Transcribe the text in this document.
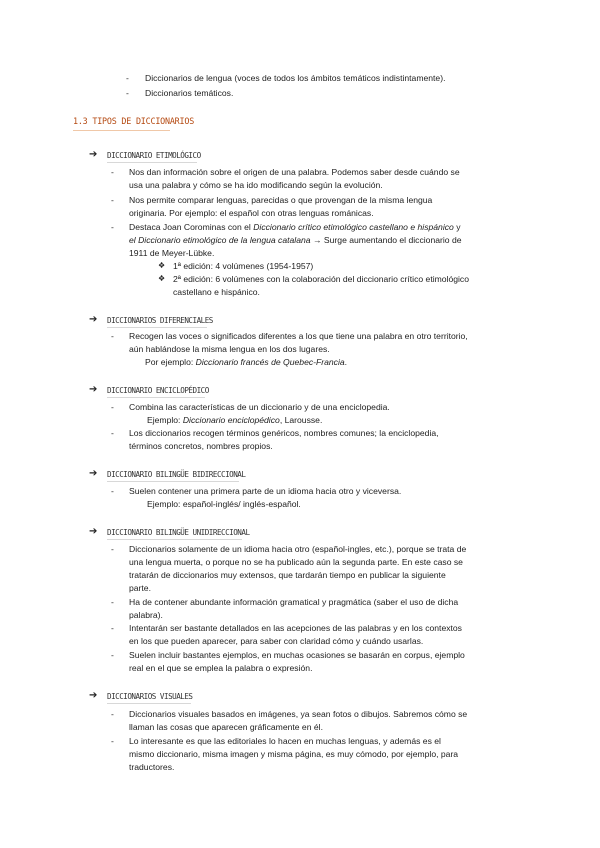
-	Diccionarios de lengua (voces de todos los ámbitos temáticos indistintamente).
-	Diccionarios temáticos.
1.3 TIPOS DE DICCIONARIOS
➔ DICCIONARIO ETIMOLÓGICO
-	Nos dan información sobre el origen de una palabra. Podemos saber desde cuándo se
usa una palabra y cómo se ha ido modificando según la evolución.
-	Nos permite comparar lenguas, parecidas o que provengan de la misma lengua
originaria. Por ejemplo: el español con otras lenguas románicas.
-	Destaca Joan Corominas con el Diccionario crítico etimológico castellano e hispánico y
el Diccionario etimológico de la lengua catalana → Surge aumentando el diccionario de
1911 de Meyer-Lübke.
❖ 1ª edición: 4 volúmenes (1954-1957)
❖ 2ª edición: 6 volúmenes con la colaboración del diccionario crítico etimológico
castellano e hispánico.
➔ DICCIONARIOS DIFERENCIALES
-	Recogen las voces o significados diferentes a los que tiene una palabra en otro territorio,
aún hablándose la misma lengua en los dos lugares.
Por ejemplo: Diccionario francés de Quebec-Francia.
➔ DICCIONARIO ENCICLOPÉDICO
-	Combina las características de un diccionario y de una enciclopedia.
Ejemplo: Diccionario enciclopédico, Larousse.
-	Los diccionarios recogen términos genéricos, nombres comunes; la enciclopedia,
términos concretos, nombres propios.
➔ DICCIONARIO BILINGÜE BIDIRECCIONAL
-	Suelen contener una primera parte de un idioma hacia otro y viceversa.
Ejemplo: español-inglés/ inglés-español.
➔ DICCIONARIO BILINGÜE UNIDIRECCIONAL
-	Diccionarios solamente de un idioma hacia otro (español-ingles, etc.), porque se trata de
una lengua muerta, o porque no se ha publicado aún la segunda parte. En este caso se
tratarán de diccionarios muy extensos, que tardarán tiempo en publicar la siguiente
parte.
-	Ha de contener abundante información gramatical y pragmática (saber el uso de dicha
palabra).
-	Intentarán ser bastante detallados en las acepciones de las palabras y en los contextos
en los que pueden aparecer, para saber con claridad cómo y cuándo usarlas.
-	Suelen incluir bastantes ejemplos, en muchas ocasiones se basarán en corpus, ejemplo
real en el que se emplea la palabra o expresión.
➔ DICCIONARIOS VISUALES
-	Diccionarios visuales basados en imágenes, ya sean fotos o dibujos. Sabremos cómo se
llaman las cosas que aparecen gráficamente en él.
-	Lo interesante es que las editoriales lo hacen en muchas lenguas, y además es el
mismo diccionario, misma imagen y misma página, es muy cómodo, por ejemplo, para
traductores.
